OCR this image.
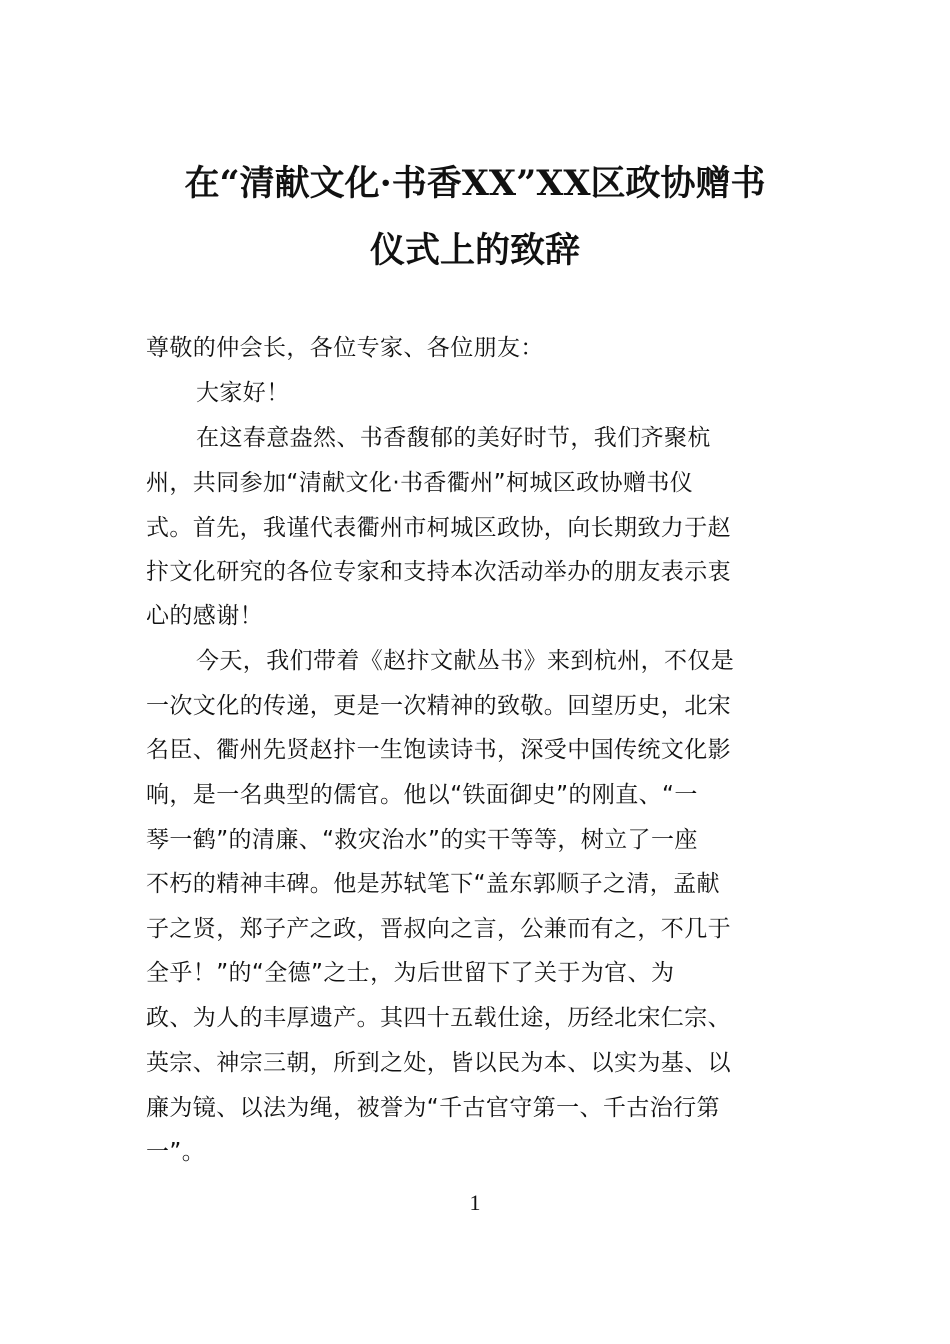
在“清献文化·书香XX”XX区政协赠书
仪式上的致辞
尊敬的仲会长，各位专家、各位朋友：
大家好！
在这春意盎然、书香馥郁的美好时节，我们齐聚杭
州，共同参加“清献文化·书香衢州”柯城区政协赠书仪
式。首先，我谨代表衢州市柯城区政协，向长期致力于赵
抃文化研究的各位专家和支持本次活动举办的朋友表示衷
心的感谢！
今天，我们带着《赵抃文献丛书》来到杭州，不仅是
一次文化的传递，更是一次精神的致敬。回望历史，北宋
名臣、衢州先贤赵抃一生饱读诗书，深受中国传统文化影
响，是一名典型的儒官。他以“铁面御史”的刚直、“一
琴一鹤”的清廉、“救灾治水”的实干等等，树立了一座
不朽的精神丰碑。他是苏轼笔下“盖东郭顺子之清，孟献
子之贤，郑子产之政，晋叔向之言，公兼而有之，不几于
全乎！”的“全德”之士，为后世留下了关于为官、为
政、为人的丰厚遗产。其四十五载仕途，历经北宋仁宗、
英宗、神宗三朝，所到之处，皆以民为本、以实为基、以
廉为镜、以法为绳，被誉为“千古官守第一、千古治行第
一”。
1
